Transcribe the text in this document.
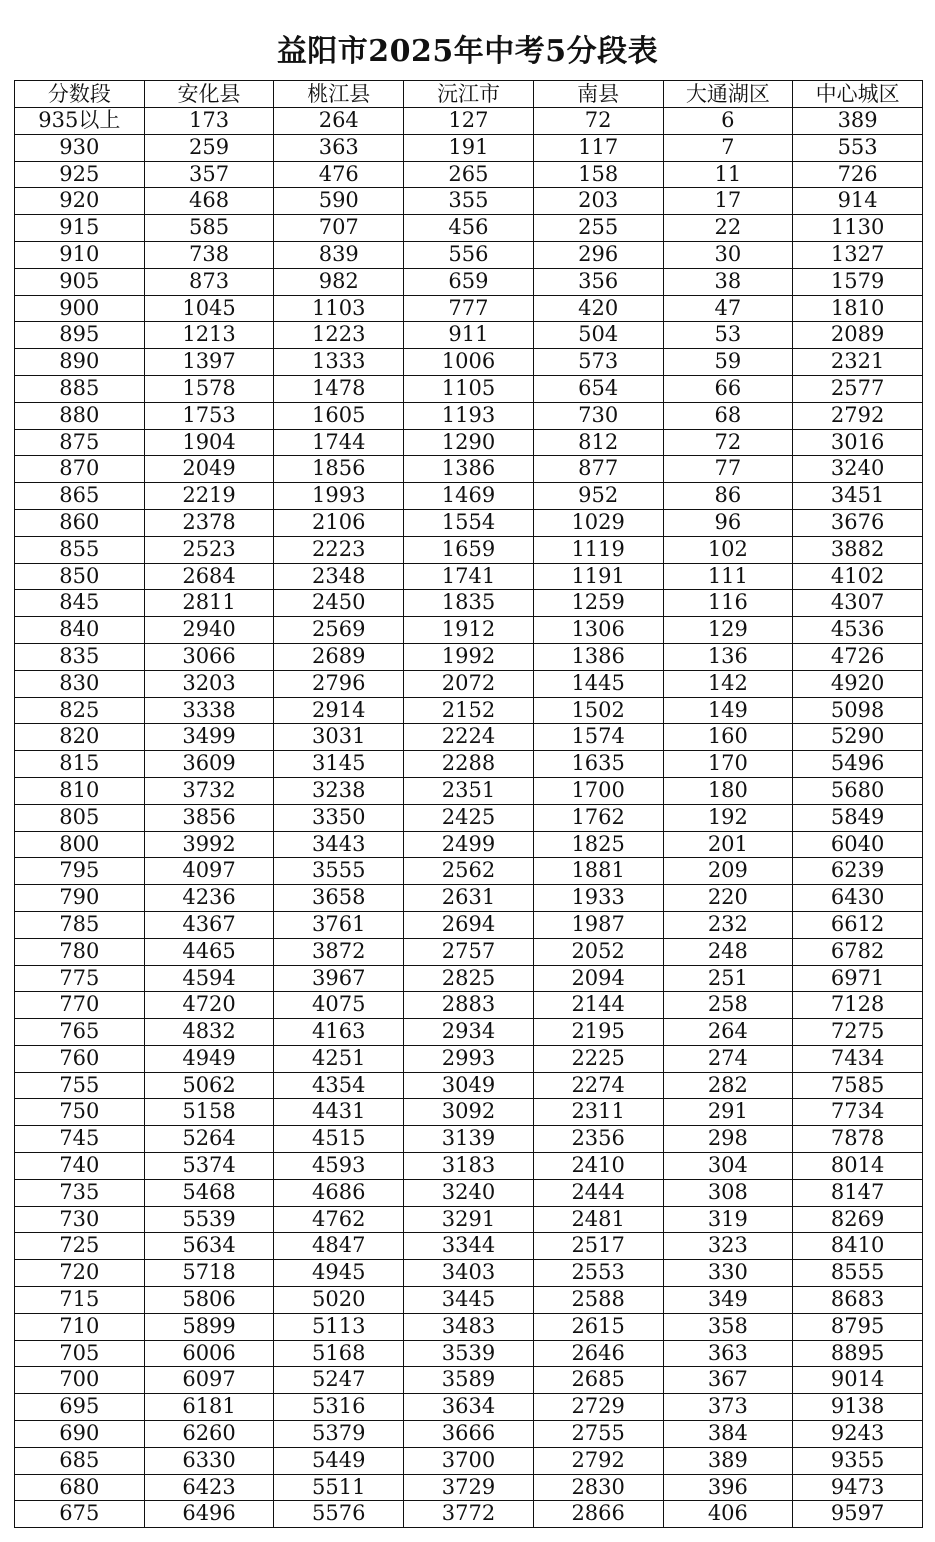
益阳市2025年中考5分段表
分数段	安化县	桃江县	沅江市	南县	大通湖区	中心城区
935以上	173	264	127	72	6	389
930	259	363	191	117	7	553
925	357	476	265	158	11	726
920	468	590	355	203	17	914
915	585	707	456	255	22	1130
910	738	839	556	296	30	1327
905	873	982	659	356	38	1579
900	1045	1103	777	420	47	1810
895	1213	1223	911	504	53	2089
890	1397	1333	1006	573	59	2321
885	1578	1478	1105	654	66	2577
880	1753	1605	1193	730	68	2792
875	1904	1744	1290	812	72	3016
870	2049	1856	1386	877	77	3240
865	2219	1993	1469	952	86	3451
860	2378	2106	1554	1029	96	3676
855	2523	2223	1659	1119	102	3882
850	2684	2348	1741	1191	111	4102
845	2811	2450	1835	1259	116	4307
840	2940	2569	1912	1306	129	4536
835	3066	2689	1992	1386	136	4726
830	3203	2796	2072	1445	142	4920
825	3338	2914	2152	1502	149	5098
820	3499	3031	2224	1574	160	5290
815	3609	3145	2288	1635	170	5496
810	3732	3238	2351	1700	180	5680
805	3856	3350	2425	1762	192	5849
800	3992	3443	2499	1825	201	6040
795	4097	3555	2562	1881	209	6239
790	4236	3658	2631	1933	220	6430
785	4367	3761	2694	1987	232	6612
780	4465	3872	2757	2052	248	6782
775	4594	3967	2825	2094	251	6971
770	4720	4075	2883	2144	258	7128
765	4832	4163	2934	2195	264	7275
760	4949	4251	2993	2225	274	7434
755	5062	4354	3049	2274	282	7585
750	5158	4431	3092	2311	291	7734
745	5264	4515	3139	2356	298	7878
740	5374	4593	3183	2410	304	8014
735	5468	4686	3240	2444	308	8147
730	5539	4762	3291	2481	319	8269
725	5634	4847	3344	2517	323	8410
720	5718	4945	3403	2553	330	8555
715	5806	5020	3445	2588	349	8683
710	5899	5113	3483	2615	358	8795
705	6006	5168	3539	2646	363	8895
700	6097	5247	3589	2685	367	9014
695	6181	5316	3634	2729	373	9138
690	6260	5379	3666	2755	384	9243
685	6330	5449	3700	2792	389	9355
680	6423	5511	3729	2830	396	9473
675	6496	5576	3772	2866	406	9597
